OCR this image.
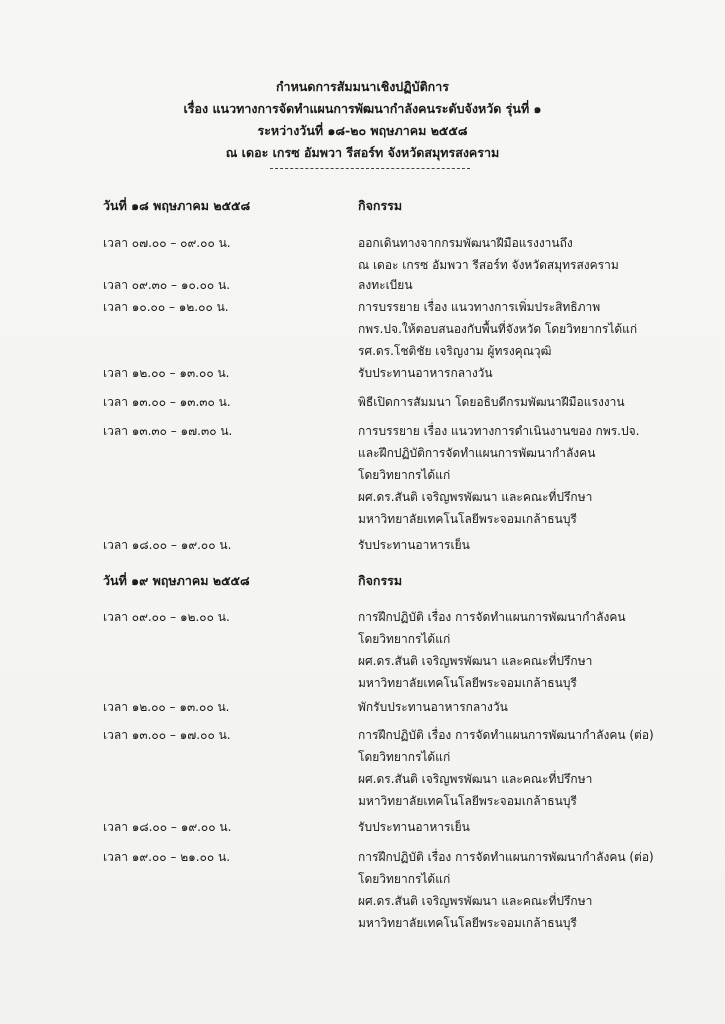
กำหนดการสัมมนาเชิงปฏิบัติการ
เรื่อง แนวทางการจัดทำแผนการพัฒนากำลังคนระดับจังหวัด รุ่นที่ ๑
ระหว่างวันที่ ๑๘-๒๐ พฤษภาคม ๒๕๕๘
ณ เดอะ เกรซ อัมพวา รีสอร์ท จังหวัดสมุทรสงคราม
วันที่ ๑๘ พฤษภาคม ๒๕๕๘	กิจกรรม
เวลา ๐๗.๐๐ – ๐๙.๐๐ น.	ออกเดินทางจากกรมพัฒนาฝีมือแรงงานถึง
ณ เดอะ เกรซ อัมพวา รีสอร์ท จังหวัดสมุทรสงคราม
เวลา ๐๙.๓๐ – ๑๐.๐๐ น.	ลงทะเบียน
เวลา ๑๐.๐๐ – ๑๒.๐๐ น.	การบรรยาย เรื่อง แนวทางการเพิ่มประสิทธิภาพ
กพร.ปจ.ให้ตอบสนองกับพื้นที่จังหวัด โดยวิทยากรได้แก่
รศ.ดร.โชติชัย เจริญงาม ผู้ทรงคุณวุฒิ
เวลา ๑๒.๐๐ – ๑๓.๐๐ น.	รับประทานอาหารกลางวัน
เวลา ๑๓.๐๐ – ๑๓.๓๐ น.	พิธีเปิดการสัมมนา โดยอธิบดีกรมพัฒนาฝีมือแรงงาน
เวลา ๑๓.๓๐ – ๑๗.๓๐ น.	การบรรยาย เรื่อง แนวทางการดำเนินงานของ กพร.ปจ.
และฝึกปฏิบัติการจัดทำแผนการพัฒนากำลังคน
โดยวิทยากรได้แก่
ผศ.ดร.สันติ เจริญพรพัฒนา และคณะที่ปรึกษา
มหาวิทยาลัยเทคโนโลยีพระจอมเกล้าธนบุรี
เวลา ๑๘.๐๐ – ๑๙.๐๐ น.	รับประทานอาหารเย็น
วันที่ ๑๙ พฤษภาคม ๒๕๕๘	กิจกรรม
เวลา ๐๙.๐๐ – ๑๒.๐๐ น.	การฝึกปฏิบัติ เรื่อง การจัดทำแผนการพัฒนากำลังคน
โดยวิทยากรได้แก่
ผศ.ดร.สันติ เจริญพรพัฒนา และคณะที่ปรึกษา
มหาวิทยาลัยเทคโนโลยีพระจอมเกล้าธนบุรี
เวลา ๑๒.๐๐ – ๑๓.๐๐ น.	พักรับประทานอาหารกลางวัน
เวลา ๑๓.๐๐ – ๑๗.๐๐ น.	การฝึกปฏิบัติ เรื่อง การจัดทำแผนการพัฒนากำลังคน (ต่อ)
โดยวิทยากรได้แก่
ผศ.ดร.สันติ เจริญพรพัฒนา และคณะที่ปรึกษา
มหาวิทยาลัยเทคโนโลยีพระจอมเกล้าธนบุรี
เวลา ๑๘.๐๐ – ๑๙.๐๐ น.	รับประทานอาหารเย็น
เวลา ๑๙.๐๐ – ๒๑.๐๐ น.	การฝึกปฏิบัติ เรื่อง การจัดทำแผนการพัฒนากำลังคน (ต่อ)
โดยวิทยากรได้แก่
ผศ.ดร.สันติ เจริญพรพัฒนา และคณะที่ปรึกษา
มหาวิทยาลัยเทคโนโลยีพระจอมเกล้าธนบุรี
